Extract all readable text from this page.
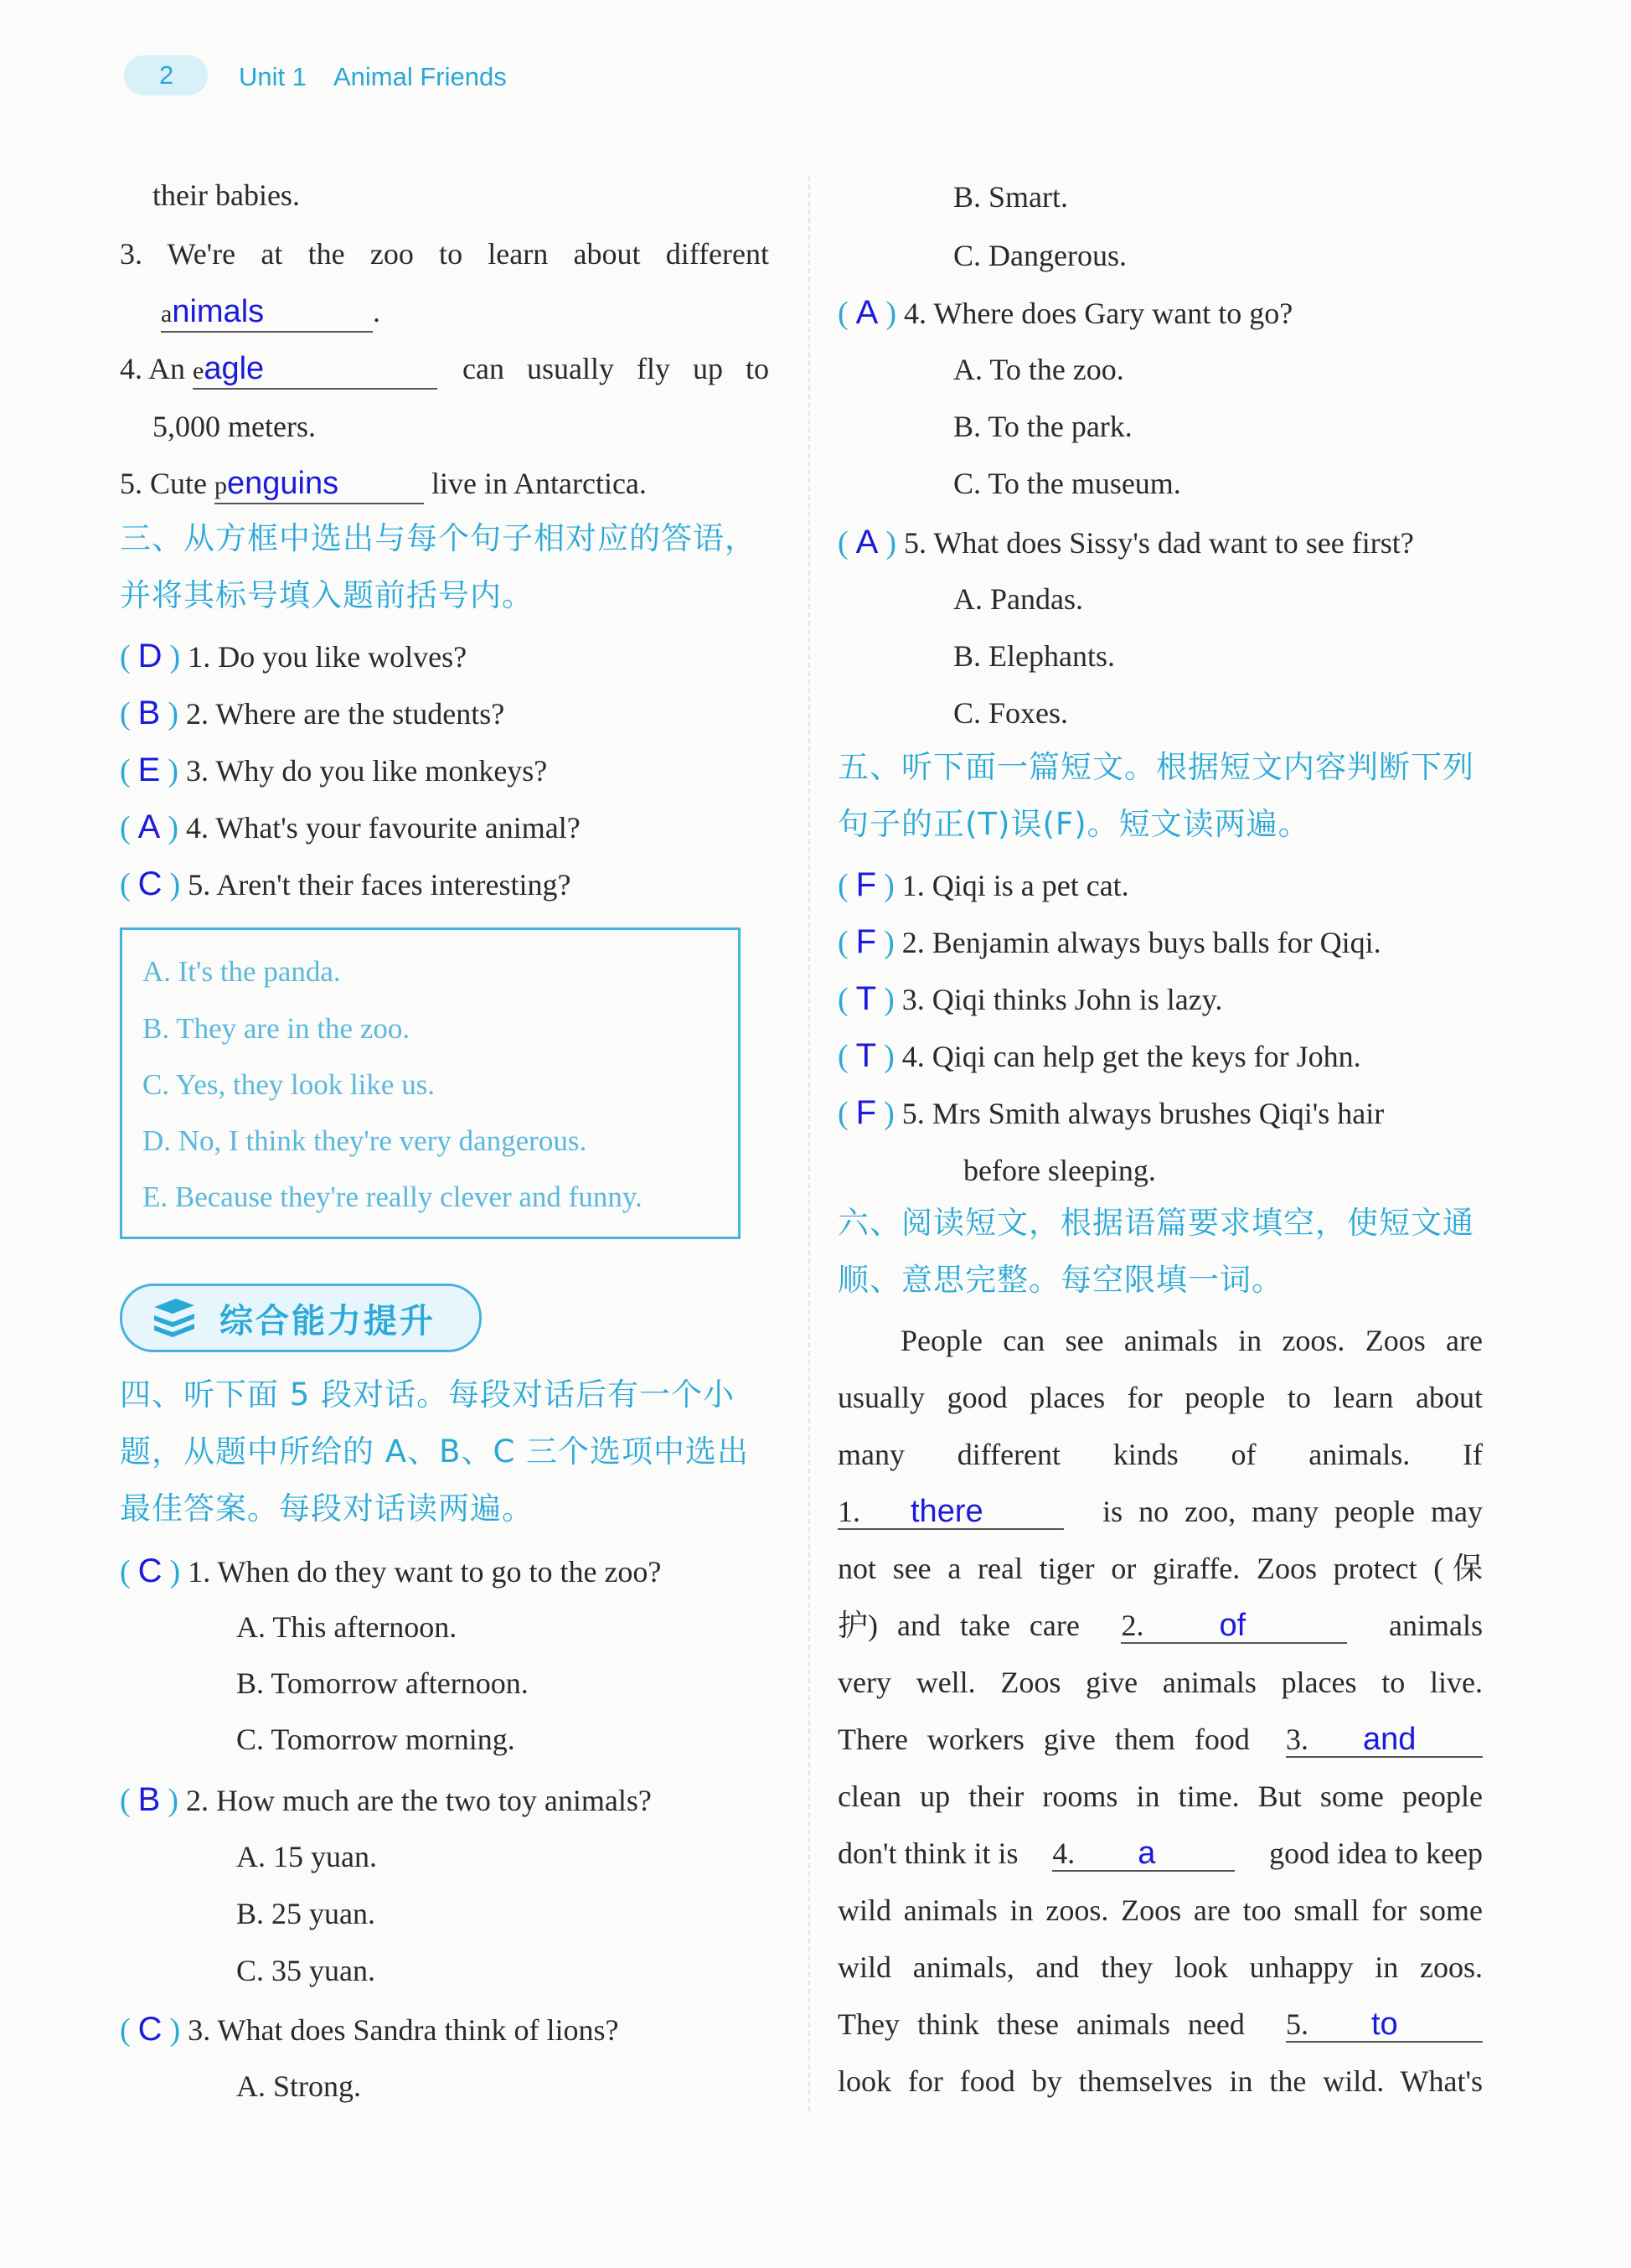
2	Unit 1 Animal Friends
their babies.
3. We're at the zoo to learn about different
animals	.
4. An eagle	can usually fly up to
5,000 meters.
5. Cute penguins	live in Antarctica.
三、从方框中选出与每个句子相对应的答语，
并将其标号填入题前括号内。
( D ) 1. Do you like wolves?
( B ) 2. Where are the students?
( E ) 3. Why do you like monkeys?
( A ) 4. What's your favourite animal?
( C ) 5. Aren't their faces interesting?
A. It's the panda.
B. They are in the zoo.
C. Yes, they look like us.
D. No, I think they're very dangerous.
E. Because they're really clever and funny.
综合能力提升
四、听下面 5 段对话。每段对话后有一个小
题，从题中所给的 A、B、C 三个选项中选出
最佳答案。每段对话读两遍。
( C ) 1. When do they want to go to the zoo?
A. This afternoon.
B. Tomorrow afternoon.
C. Tomorrow morning.
( B ) 2. How much are the two toy animals?
A. 15 yuan.
B. 25 yuan.
C. 35 yuan.
( C ) 3. What does Sandra think of lions?
A. Strong.
B. Smart.
C. Dangerous.
( A ) 4. Where does Gary want to go?
A. To the zoo.
B. To the park.
C. To the museum.
( A ) 5. What does Sissy's dad want to see first?
A. Pandas.
B. Elephants.
C. Foxes.
五、听下面一篇短文。根据短文内容判断下列
句子的正(T)误(F)。短文读两遍。
( F ) 1. Qiqi is a pet cat.
( F ) 2. Benjamin always buys balls for Qiqi.
( T ) 3. Qiqi thinks John is lazy.
( T ) 4. Qiqi can help get the keys for John.
( F ) 5. Mrs Smith always brushes Qiqi's hair
before sleeping.
六、阅读短文，根据语篇要求填空，使短文通
顺、意思完整。每空限填一词。
People can see animals in zoos. Zoos are
usually good places for people to learn about
many different kinds of animals. If
1. there	is no zoo, many people may
not see a real tiger or giraffe. Zoos protect (保
护) and take care 2. of	animals
very well. Zoos give animals places to live.
There workers give them food 3. and
clean up their rooms in time. But some people
don't think it is 4. a	good idea to keep
wild animals in zoos. Zoos are too small for some
wild animals, and they look unhappy in zoos.
They think these animals need 5. to
look for food by themselves in the wild. What's
